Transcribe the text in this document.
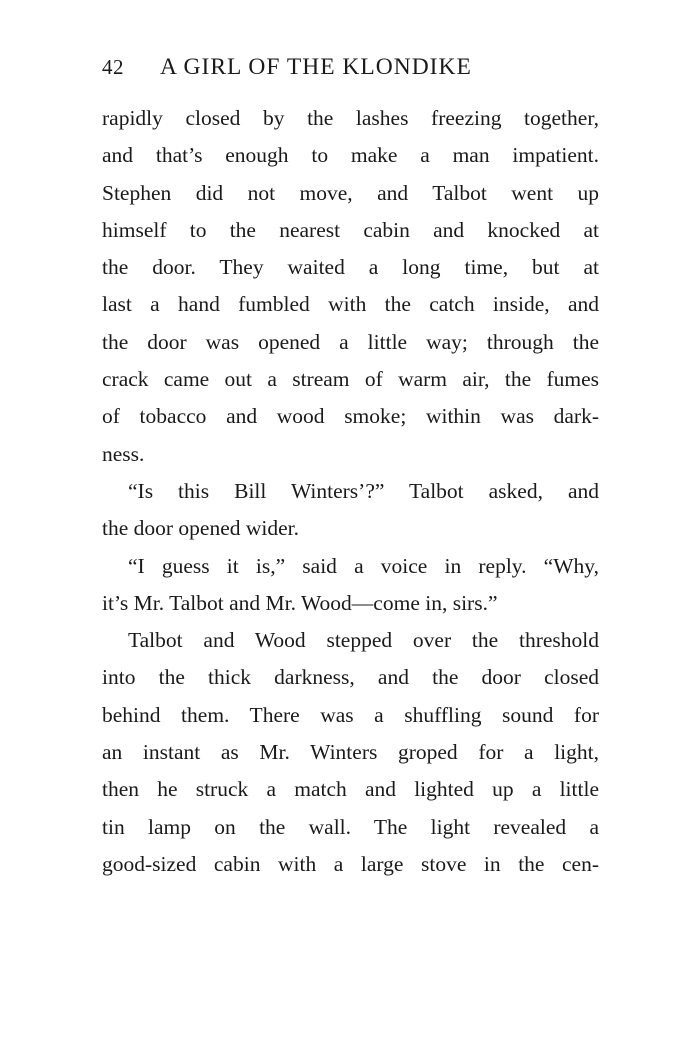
42 A GIRL OF THE KLONDIKE
rapidly closed by the lashes freezing together,
and that’s enough to make a man impatient.
Stephen did not move, and Talbot went up
himself to the nearest cabin and knocked at
the door. They waited a long time, but at
last a hand fumbled with the catch inside, and
the door was opened a little way; through the
crack came out a stream of warm air, the fumes
of tobacco and wood smoke; within was dark-
ness.
“Is this Bill Winters’?” Talbot asked, and
the door opened wider.
“I guess it is,” said a voice in reply. “Why,
it’s Mr. Talbot and Mr. Wood—come in, sirs.”
Talbot and Wood stepped over the threshold
into the thick darkness, and the door closed
behind them. There was a shuffling sound for
an instant as Mr. Winters groped for a light,
then he struck a match and lighted up a little
tin lamp on the wall. The light revealed a
good-sized cabin with a large stove in the cen-
